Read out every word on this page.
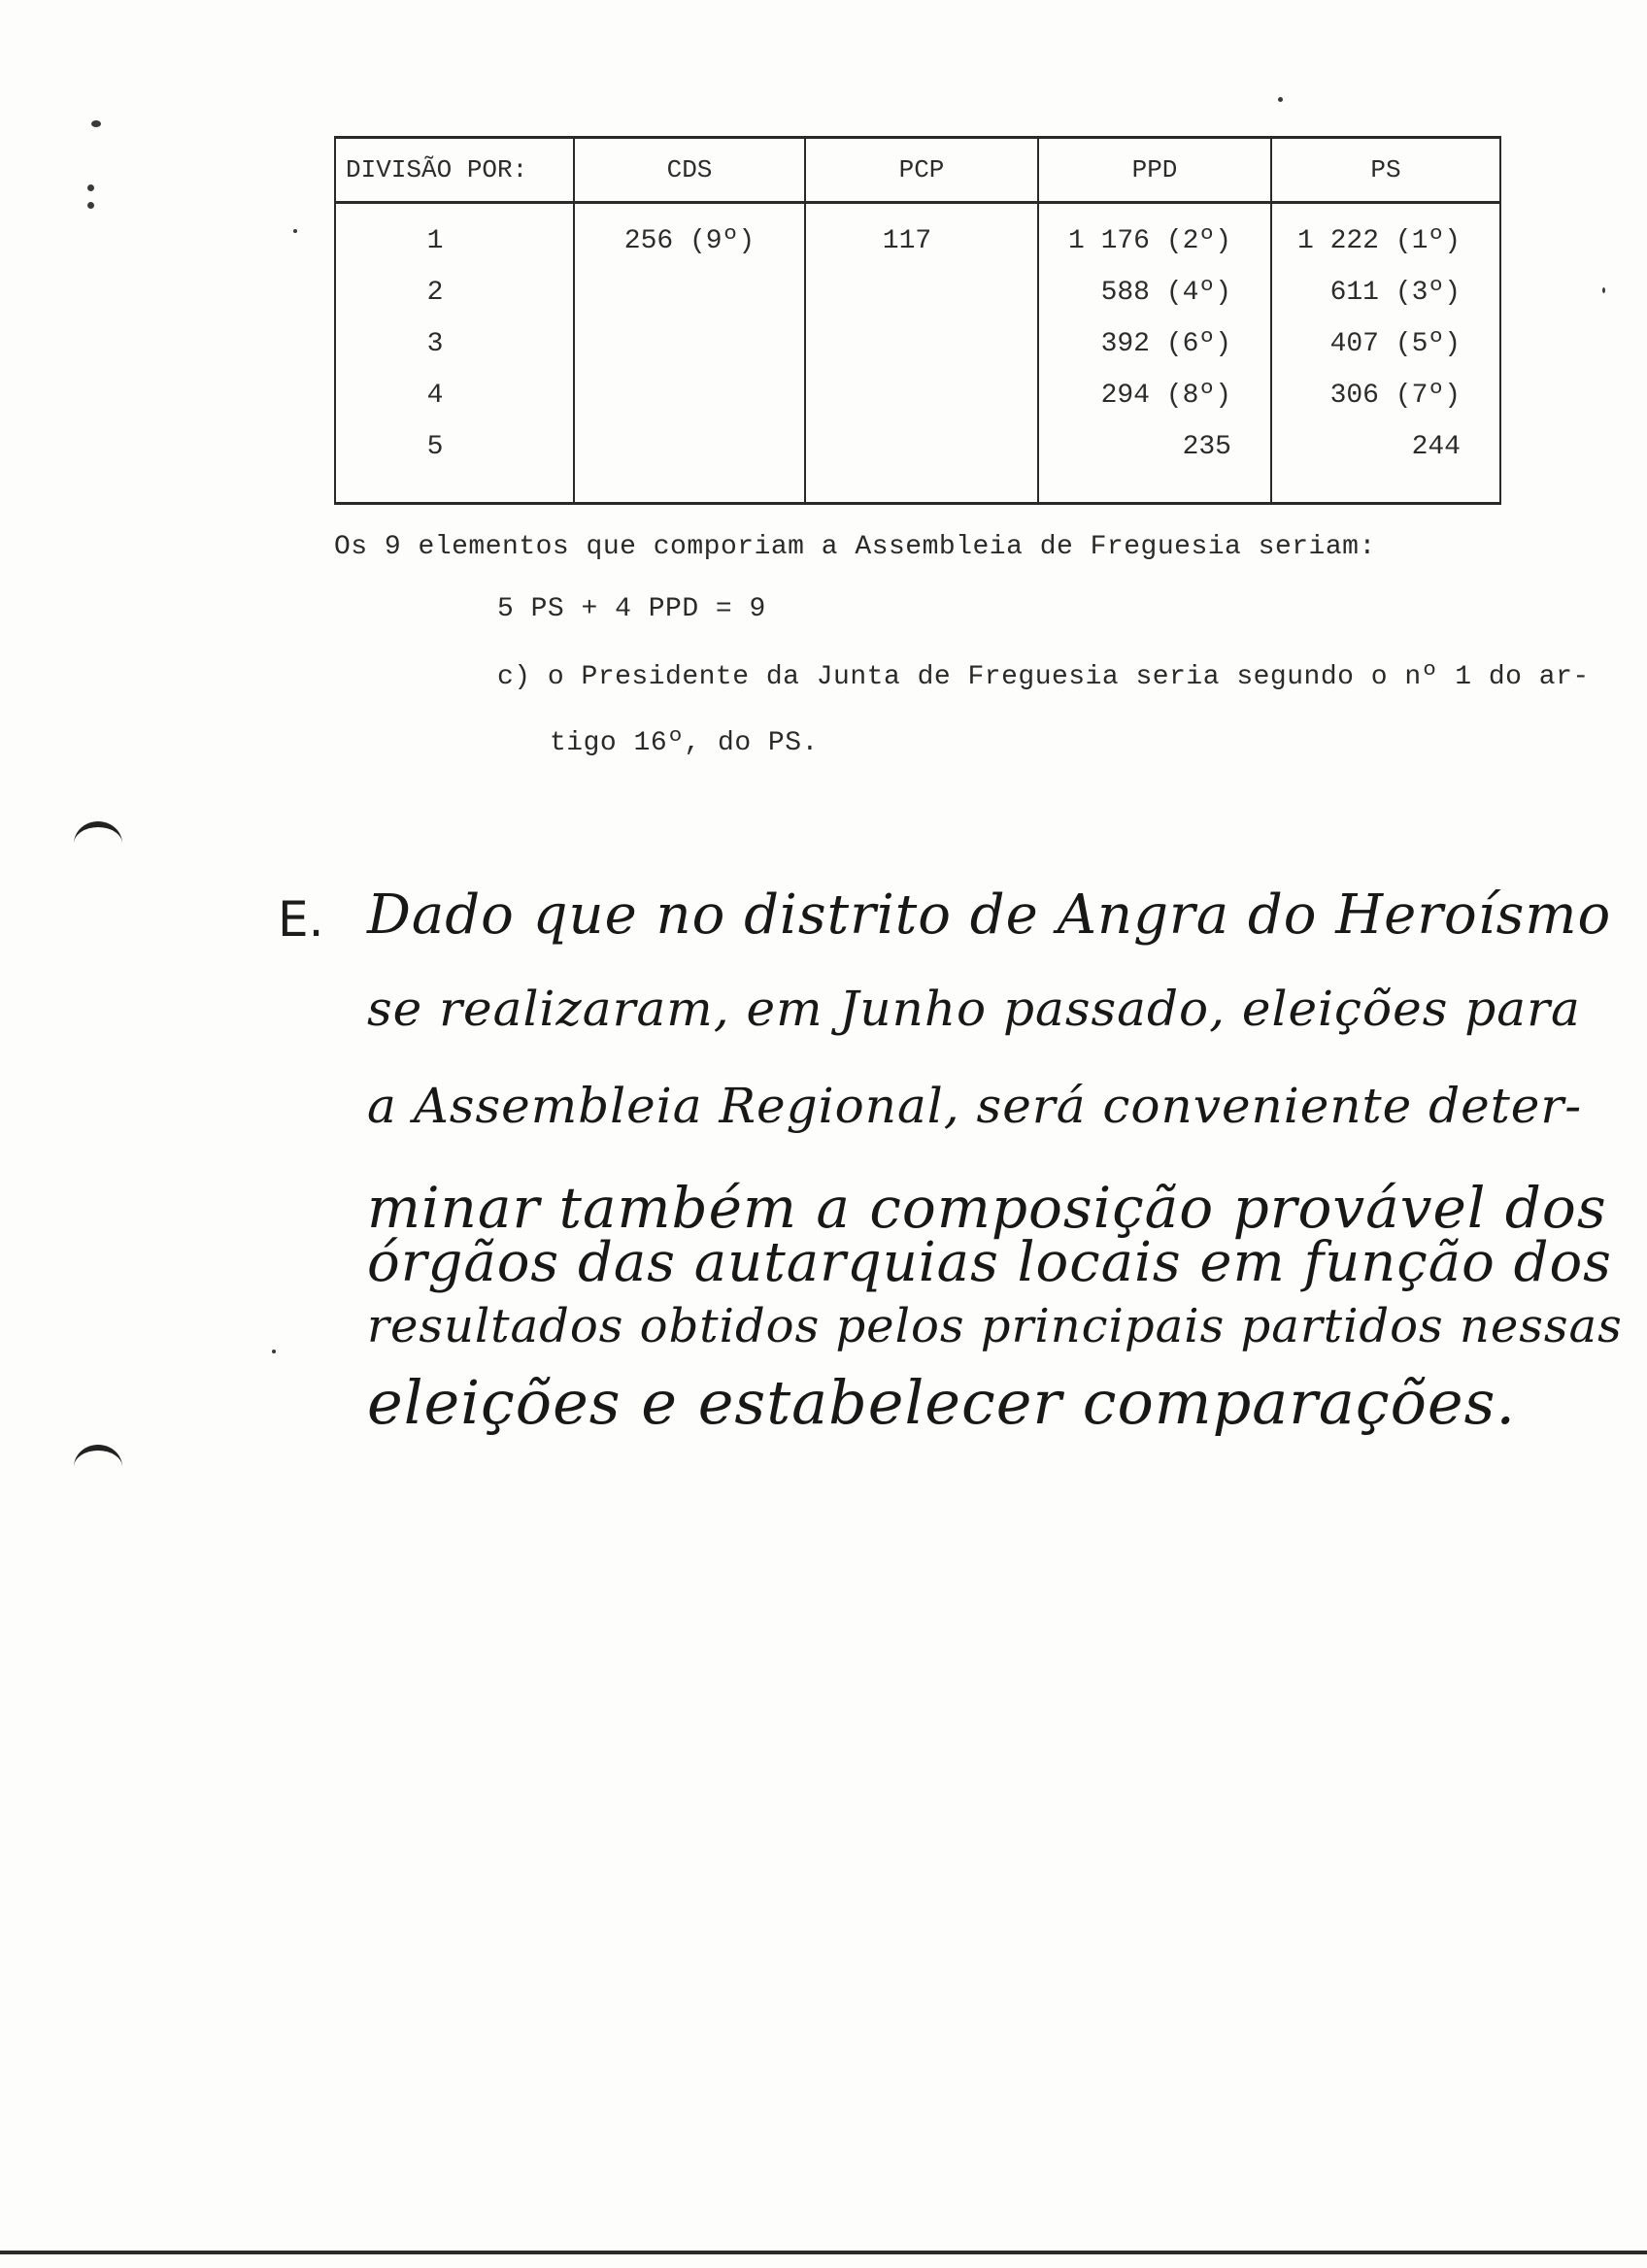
DIVISÃO POR:	CDS	PCP	PPD	PS
1	256 (9º)	117	1 176 (2º)	1 222 (1º)
2			588 (4º)	611 (3º)
3			392 (6º)	407 (5º)
4			294 (8º)	306 (7º)
5			235	244

Os 9 elementos que comporiam a Assembleia de Freguesia seriam:
5 PS + 4 PPD = 9
c) o Presidente da Junta de Freguesia seria segundo o nº 1 do ar-
tigo 16º, do PS.
E. Dado que no distrito de Angra do Heroísmo
se realizaram, em Junho passado, eleições para
a Assembleia Regional, será conveniente deter-
minar também a composição provável dos
órgãos das autarquias locais em função dos
resultados obtidos pelos principais partidos nessas
eleições e estabelecer comparações.
